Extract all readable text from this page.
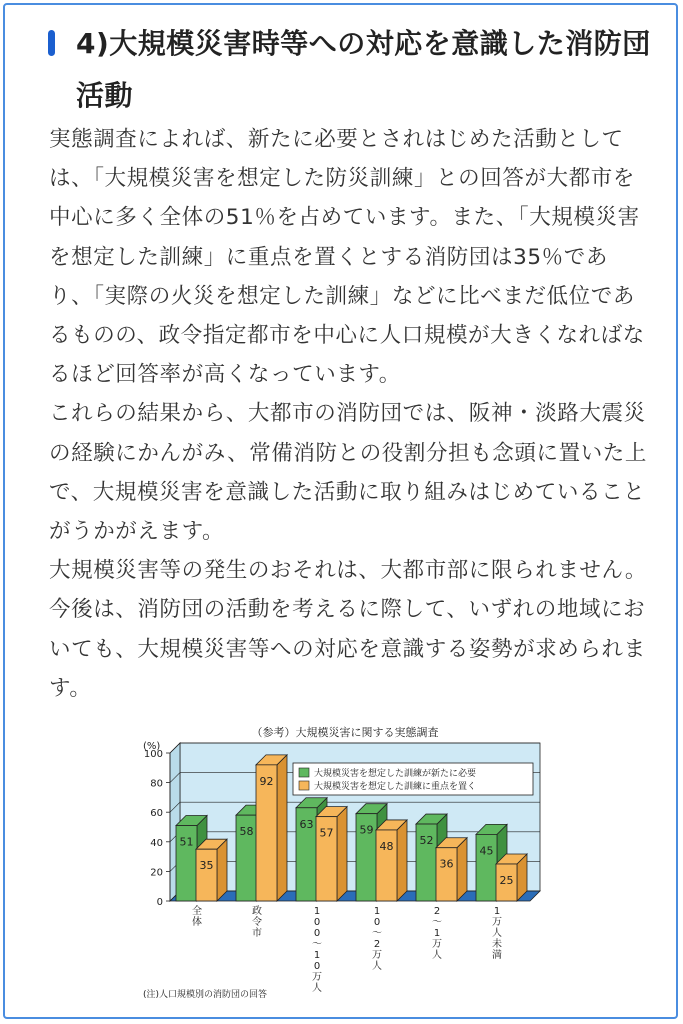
4)大規模災害時等への対応を意識した消防団活動

実態調査によれば、新たに必要とされはじめた活動としては、「大規模災害を想定した防災訓練」との回答が大都市を中心に多く全体の51％を占めています。また、「大規模災害を想定した訓練」に重点を置くとする消防団は35％であり、「実際の火災を想定した訓練」などに比べまだ低位であるものの、政令指定都市を中心に人口規模が大きくなればなるほど回答率が高くなっています。

これらの結果から、大都市の消防団では、阪神・淡路大震災の経験にかんがみ、常備消防との役割分担も念頭に置いた上で、大規模災害を意識した活動に取り組みはじめていることがうかがえます。

大規模災害等の発生のおそれは、大都市部に限られません。今後は、消防団の活動を考えるに際して、いずれの地域においても、大規模災害等への対応を意識する姿勢が求められます。

（参考）大規模災害に関する実態調査
(%)
0
20
40
60
80
100
51
35
全体
58
92
政令市
63
57
1 0 0 〜 1 0 万人
59
48
1 0 〜 2 万人
52
36
2 〜 1 万人
45
25
1 万人未満
大規模災害を想定した訓練が新たに必要
大規模災害を想定した訓練に重点を置く
(注)人口規模別の消防団の回答
